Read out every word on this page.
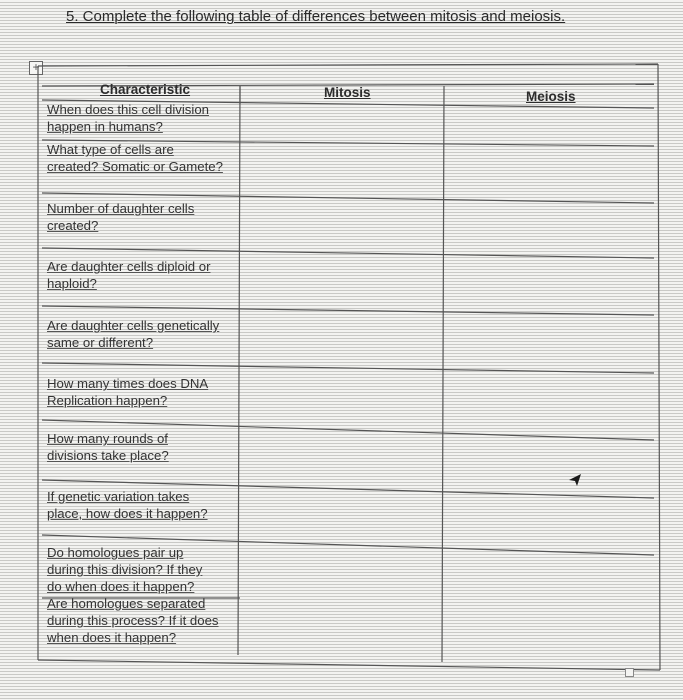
5. Complete the following table of differences between mitosis and meiosis.
+
Characteristic	Mitosis	Meiosis
When does this cell division
happen in humans?
What type of cells are
created? Somatic or Gamete?
Number of daughter cells
created?
Are daughter cells diploid or
haploid?
Are daughter cells genetically
same or different?
How many times does DNA
Replication happen?
How many rounds of
divisions take place?
If genetic variation takes
place, how does it happen?
Do homologues pair up
during this division? If they
do when does it happen?
Are homologues separated
during this process? If it does
when does it happen?
